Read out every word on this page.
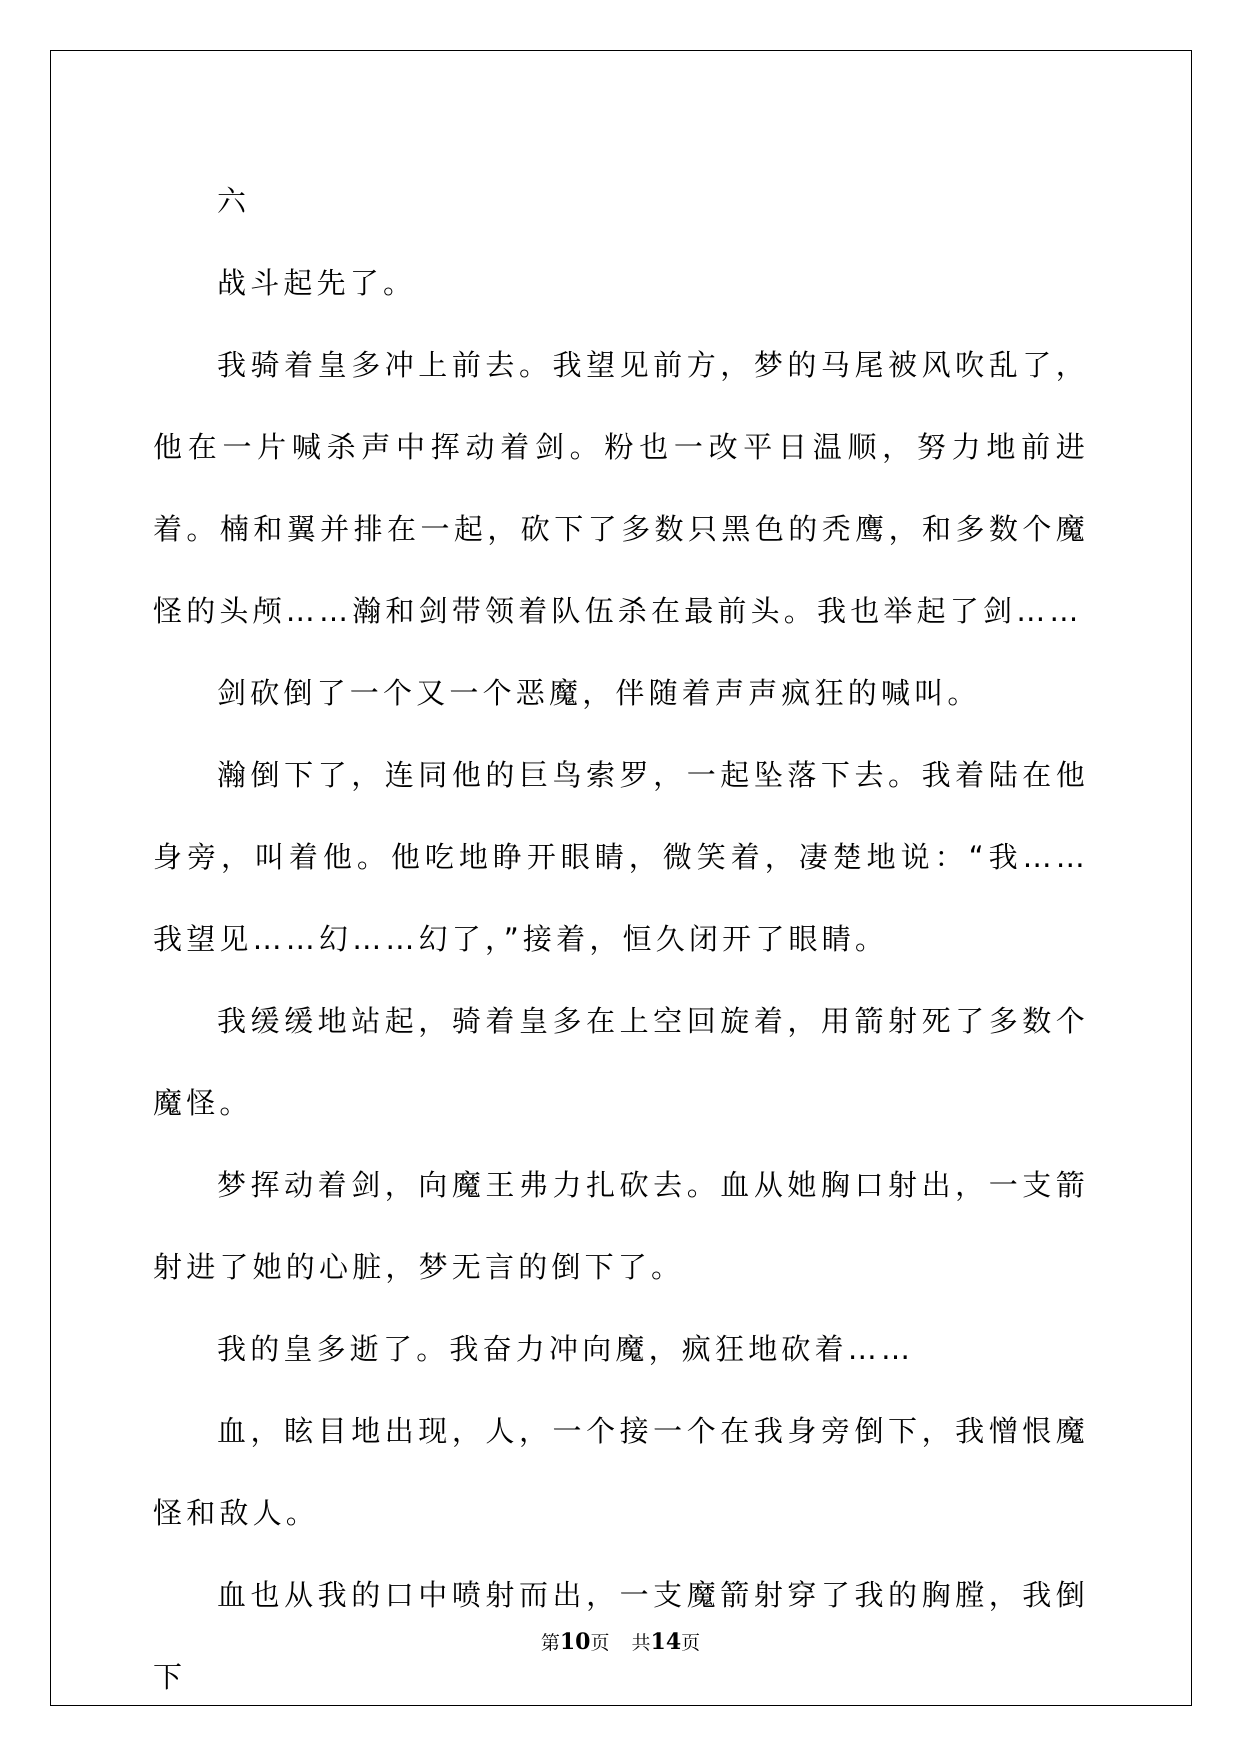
六

战斗起先了。

我骑着皇多冲上前去。我望见前方，梦的马尾被风吹乱了，他在一片喊杀声中挥动着剑。粉也一改平日温顺，努力地前进着。楠和翼并排在一起，砍下了多数只黑色的秃鹰，和多数个魔怪的头颅……瀚和剑带领着队伍杀在最前头。我也举起了剑……

剑砍倒了一个又一个恶魔，伴随着声声疯狂的喊叫。

瀚倒下了，连同他的巨鸟索罗，一起坠落下去。我着陆在他身旁，叫着他。他吃地睁开眼睛，微笑着，凄楚地说：“我……我望见……幻……幻了，”接着，恒久闭开了眼睛。

我缓缓地站起，骑着皇多在上空回旋着，用箭射死了多数个魔怪。

梦挥动着剑，向魔王弗力扎砍去。血从她胸口射出，一支箭射进了她的心脏，梦无言的倒下了。

我的皇多逝了。我奋力冲向魔，疯狂地砍着……

血，眩目地出现，人，一个接一个在我身旁倒下，我憎恨魔怪和敌人。

血也从我的口中喷射而出，一支魔箭射穿了我的胸膛，我倒下

第10页 共14页
